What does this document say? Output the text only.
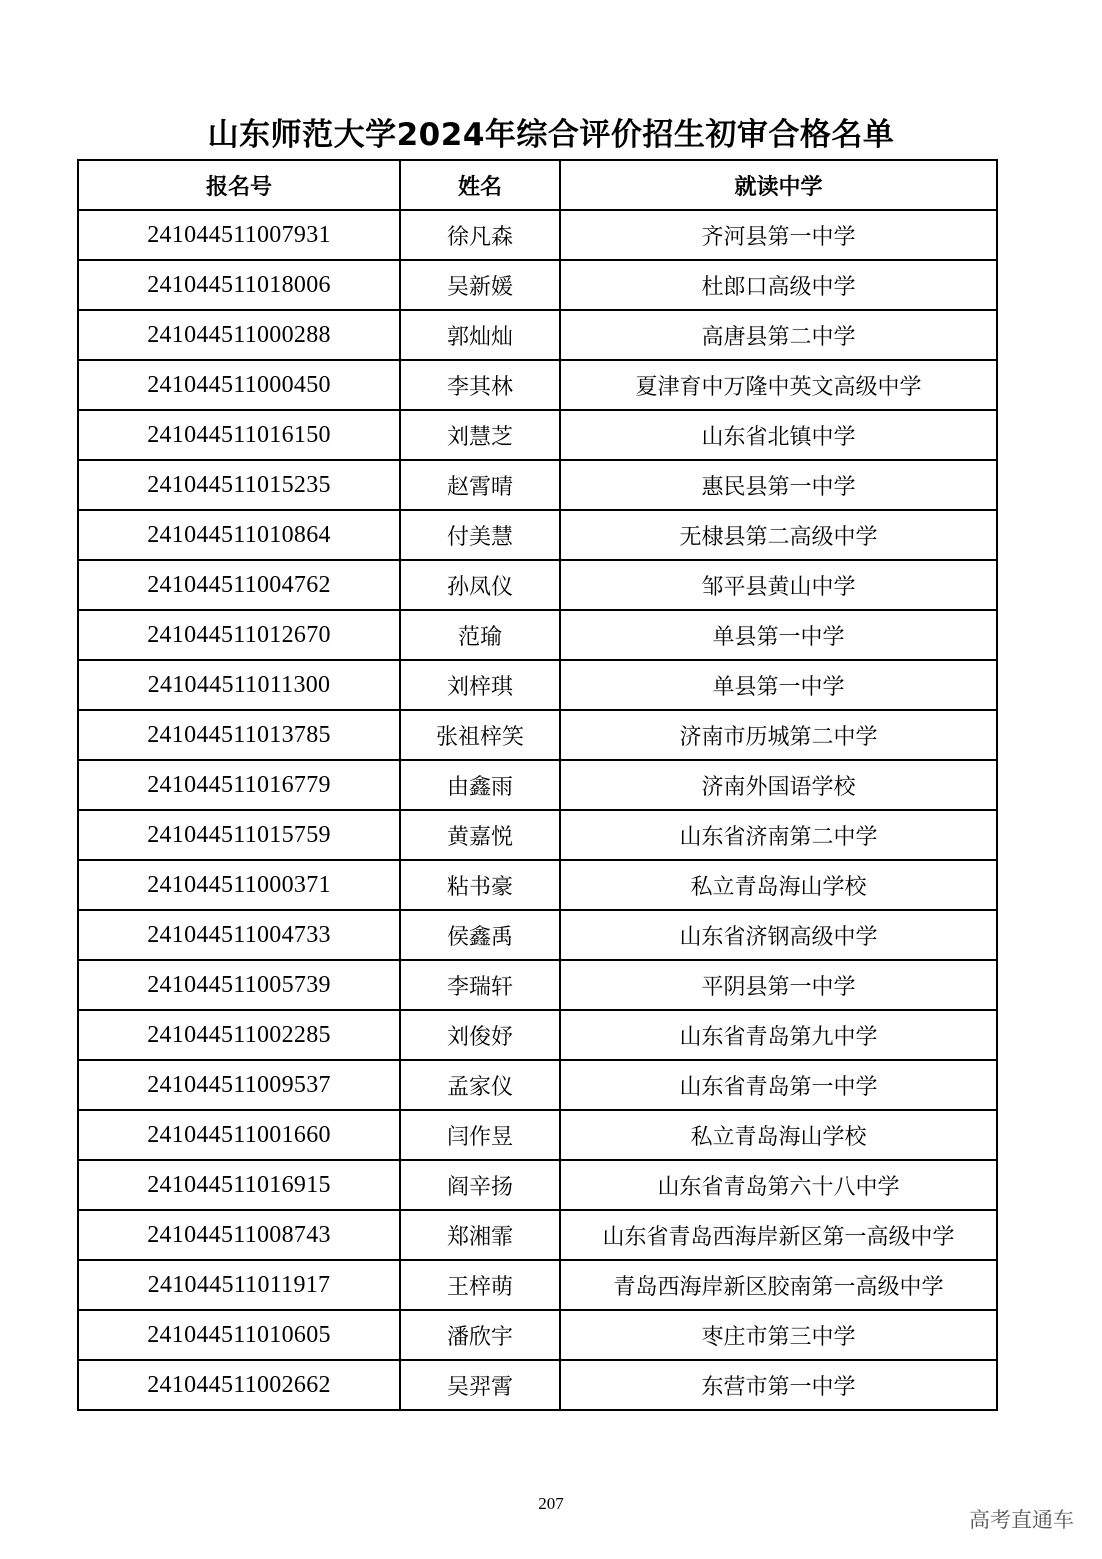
山东师范大学2024年综合评价招生初审合格名单
报名号	姓名	就读中学
241044511007931	徐凡森	齐河县第一中学
241044511018006	吴新媛	杜郎口高级中学
241044511000288	郭灿灿	高唐县第二中学
241044511000450	李其林	夏津育中万隆中英文高级中学
241044511016150	刘慧芝	山东省北镇中学
241044511015235	赵霄晴	惠民县第一中学
241044511010864	付美慧	无棣县第二高级中学
241044511004762	孙凤仪	邹平县黄山中学
241044511012670	范瑜	单县第一中学
241044511011300	刘梓琪	单县第一中学
241044511013785	张祖梓笑	济南市历城第二中学
241044511016779	由鑫雨	济南外国语学校
241044511015759	黄嘉悦	山东省济南第二中学
241044511000371	粘书豪	私立青岛海山学校
241044511004733	侯鑫禹	山东省济钢高级中学
241044511005739	李瑞轩	平阴县第一中学
241044511002285	刘俊妤	山东省青岛第九中学
241044511009537	孟家仪	山东省青岛第一中学
241044511001660	闫作昱	私立青岛海山学校
241044511016915	阎辛扬	山东省青岛第六十八中学
241044511008743	郑湘霏	山东省青岛西海岸新区第一高级中学
241044511011917	王梓萌	青岛西海岸新区胶南第一高级中学
241044511010605	潘欣宇	枣庄市第三中学
241044511002662	吴羿霄	东营市第一中学
207
高考直通车
